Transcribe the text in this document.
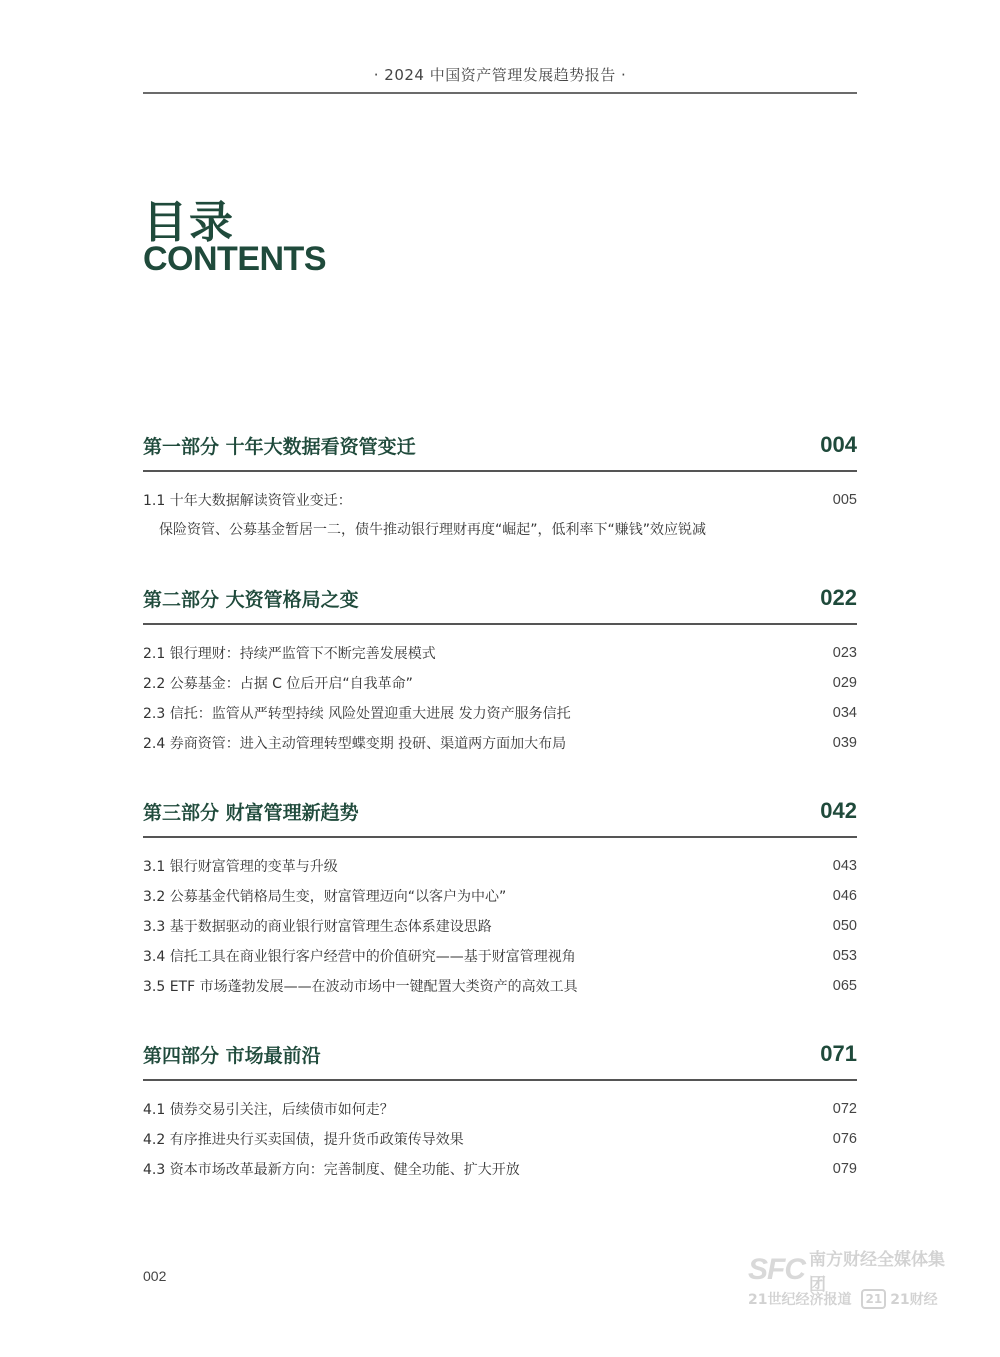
· 2024 中国资产管理发展趋势报告 ·
目录
CONTENTS
第一部分 十年大数据看资管变迁	004
1.1 十年大数据解读资管业变迁：	005
保险资管、公募基金暂居一二，债牛推动银行理财再度“崛起”，低利率下“赚钱”效应锐减
第二部分 大资管格局之变	022
2.1 银行理财：持续严监管下不断完善发展模式	023
2.2 公募基金：占据 C 位后开启“自我革命”	029
2.3 信托：监管从严转型持续 风险处置迎重大进展 发力资产服务信托	034
2.4 券商资管：进入主动管理转型蝶变期 投研、渠道两方面加大布局	039
第三部分 财富管理新趋势	042
3.1 银行财富管理的变革与升级	043
3.2 公募基金代销格局生变，财富管理迈向“以客户为中心”	046
3.3 基于数据驱动的商业银行财富管理生态体系建设思路	050
3.4 信托工具在商业银行客户经营中的价值研究——基于财富管理视角	053
3.5 ETF 市场蓬勃发展——在波动市场中一键配置大类资产的高效工具	065
第四部分 市场最前沿	071
4.1 债券交易引关注，后续债市如何走？	072
4.2 有序推进央行买卖国债，提升货币政策传导效果	076
4.3 资本市场改革最新方向：完善制度、健全功能、扩大开放	079
002	SFC 南方财经全媒体集团
21世纪经济报道	21 21财经
